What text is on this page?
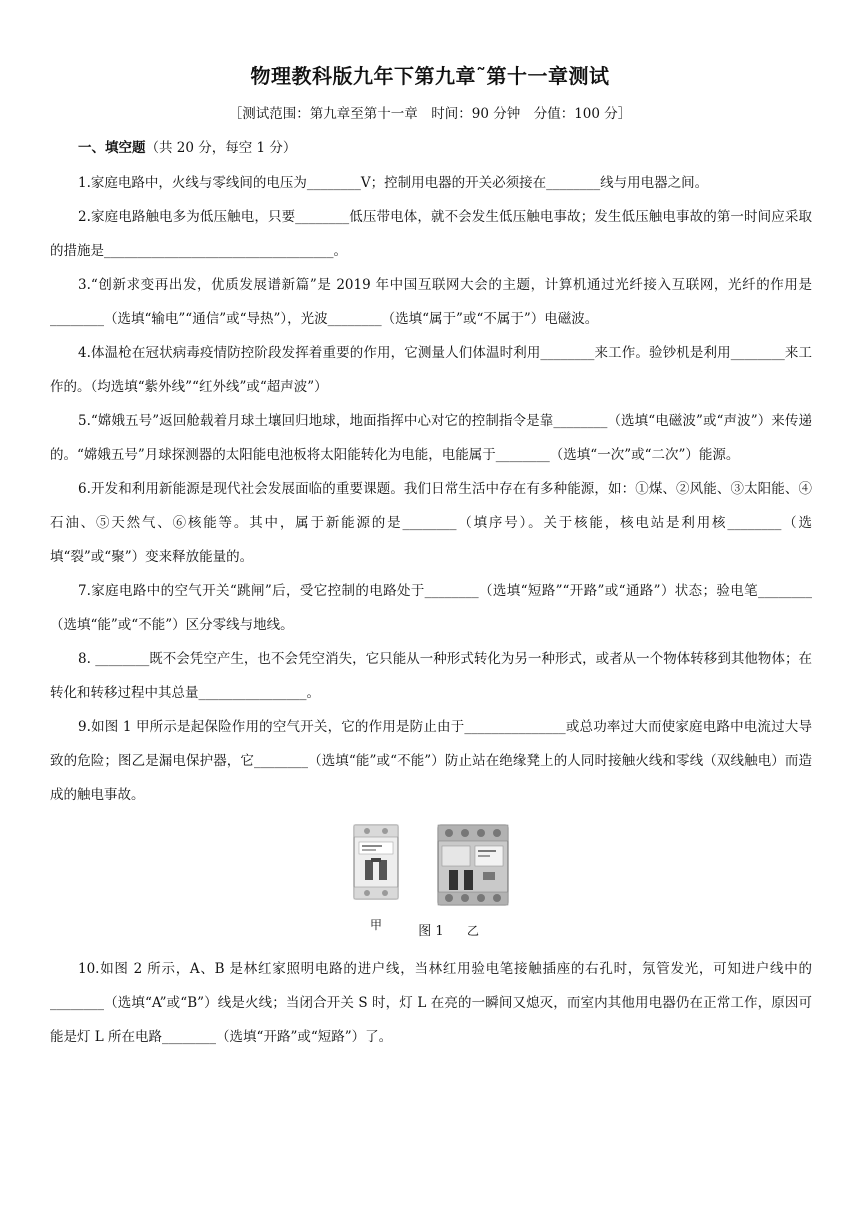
物理教科版九年下第九章˜第十一章测试
［测试范围：第九章至第十一章　时间：90 分钟　分值：100 分］
一、填空题（共 20 分，每空 1 分）

1.家庭电路中，火线与零线间的电压为________V；控制用电器的开关必须接在________线与用电器之间。

2.家庭电路触电多为低压触电，只要________低压带电体，就不会发生低压触电事故；发生低压触电事故的第一时间应采取的措施是__________________________________。

3.“创新求变再出发，优质发展谱新篇”是 2019 年中国互联网大会的主题，计算机通过光纤接入互联网，光纤的作用是________（选填“输电”“通信”或“导热”），光波________（选填“属于”或“不属于”）电磁波。

4.体温枪在冠状病毒疫情防控阶段发挥着重要的作用，它测量人们体温时利用________来工作。验钞机是利用________来工作的。（均选填“紫外线”“红外线”或“超声波”）

5.“嫦娥五号”返回舱载着月球土壤回归地球，地面指挥中心对它的控制指令是靠________（选填“电磁波”或“声波”）来传递的。“嫦娥五号”月球探测器的太阳能电池板将太阳能转化为电能，电能属于________（选填“一次”或“二次”）能源。

6.开发和利用新能源是现代社会发展面临的重要课题。我们日常生活中存在有多种能源，如：①煤、②风能、③太阳能、④石油、⑤天然气、⑥核能等。其中，属于新能源的是________（填序号）。关于核能，核电站是利用核________（选填“裂”或“聚”）变来释放能量的。

7.家庭电路中的空气开关“跳闸”后，受它控制的电路处于________（选填“短路”“开路”或“通路”）状态；验电笔________（选填“能”或“不能”）区分零线与地线。

8. ________既不会凭空产生，也不会凭空消失，它只能从一种形式转化为另一种形式，或者从一个物体转移到其他物体；在转化和转移过程中其总量________________。

9.如图 1 甲所示是起保险作用的空气开关，它的作用是防止由于_______________或总功率过大而使家庭电路中电流过大导致的危险；图乙是漏电保护器，它________（选填“能”或“不能”）防止站在绝缘凳上的人同时接触火线和零线（双线触电）而造成的触电事故。

甲	乙
图 1

10.如图 2 所示，A、B 是林红家照明电路的进户线，当林红用验电笔接触插座的右孔时，氖管发光，可知进户线中的________（选填“A”或“B”）线是火线；当闭合开关 S 时，灯 L 在亮的一瞬间又熄灭，而室内其他用电器仍在正常工作，原因可能是灯 L 所在电路________（选填“开路”或“短路”）了。
